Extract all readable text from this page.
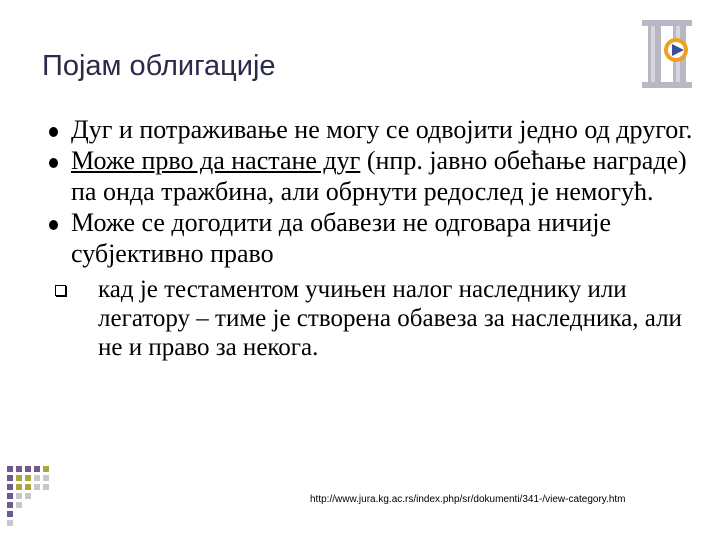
Појам облигације

Дуг и потраживање не могу се одвојити једно од другог.

Може прво да настане дуг (нпр. јавно обећање награде) па онда тражбина, али обрнути редослед је немогућ.

Може се догодити да обавези не одговара ничије субјективно право

кад је тестаментом учињен налог наследнику или легатору – тиме је створена обавеза за наследника, али не и право за некога.

http://www.jura.kg.ac.rs/index.php/sr/dokumenti/341-/view-category.htm
